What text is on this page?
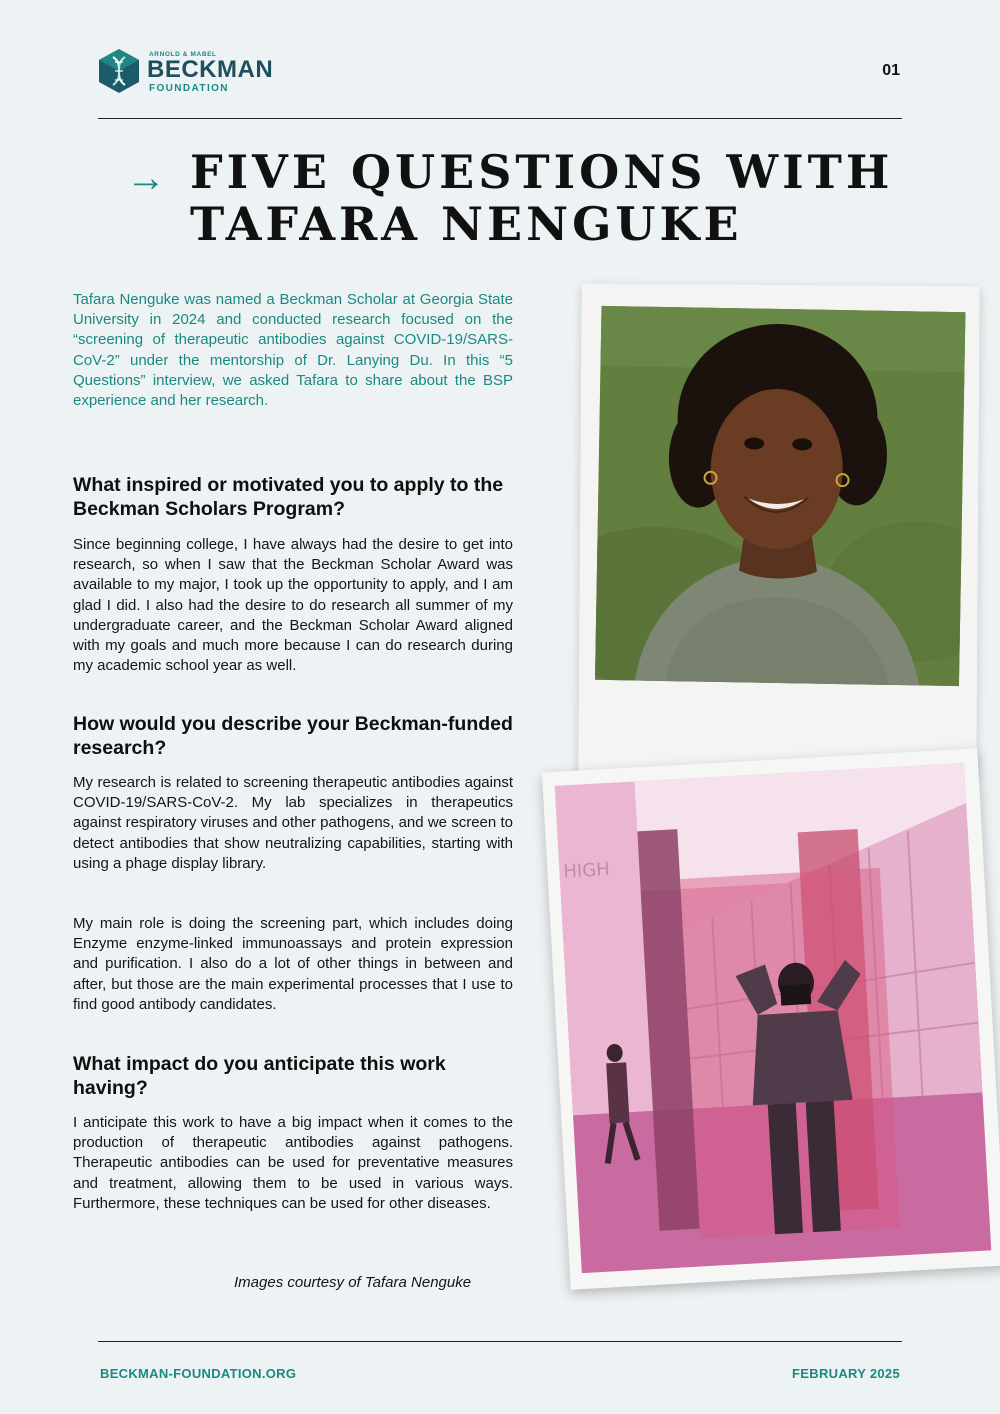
ARNOLD & MABEL
BECKMAN
FOUNDATION
01
→ FIVE QUESTIONS WITH
TAFARA NENGUKE
Tafara Nenguke was named a Beckman Scholar at Georgia State University in 2024 and conducted research focused on the “screening of therapeutic antibodies against COVID-19/SARS-CoV-2” under the mentorship of Dr. Lanying Du. In this “5 Questions” interview, we asked Tafara to share about the BSP experience and her research.
What inspired or motivated you to apply to the Beckman Scholars Program?
Since beginning college, I have always had the desire to get into research, so when I saw that the Beckman Scholar Award was available to my major, I took up the opportunity to apply, and I am glad I did. I also had the desire to do research all summer of my undergraduate career, and the Beckman Scholar Award aligned with my goals and much more because I can do research during my academic school year as well.
How would you describe your Beckman-funded research?
My research is related to screening therapeutic antibodies against COVID-19/SARS-CoV-2. My lab specializes in therapeutics against respiratory viruses and other pathogens, and we screen to detect antibodies that show neutralizing capabilities, starting with using a phage display library.
My main role is doing the screening part, which includes doing Enzyme enzyme-linked immunoassays and protein expression and purification. I also do a lot of other things in between and after, but those are the main experimental processes that I use to find good antibody candidates.
What impact do you anticipate this work having?
I anticipate this work to have a big impact when it comes to the production of therapeutic antibodies against pathogens. Therapeutic antibodies can be used for preventative measures and treatment, allowing them to be used in various ways. Furthermore, these techniques can be used for other diseases.
Images courtesy of Tafara Nenguke
HIGH
BECKMAN-FOUNDATION.ORG	FEBRUARY 2025
